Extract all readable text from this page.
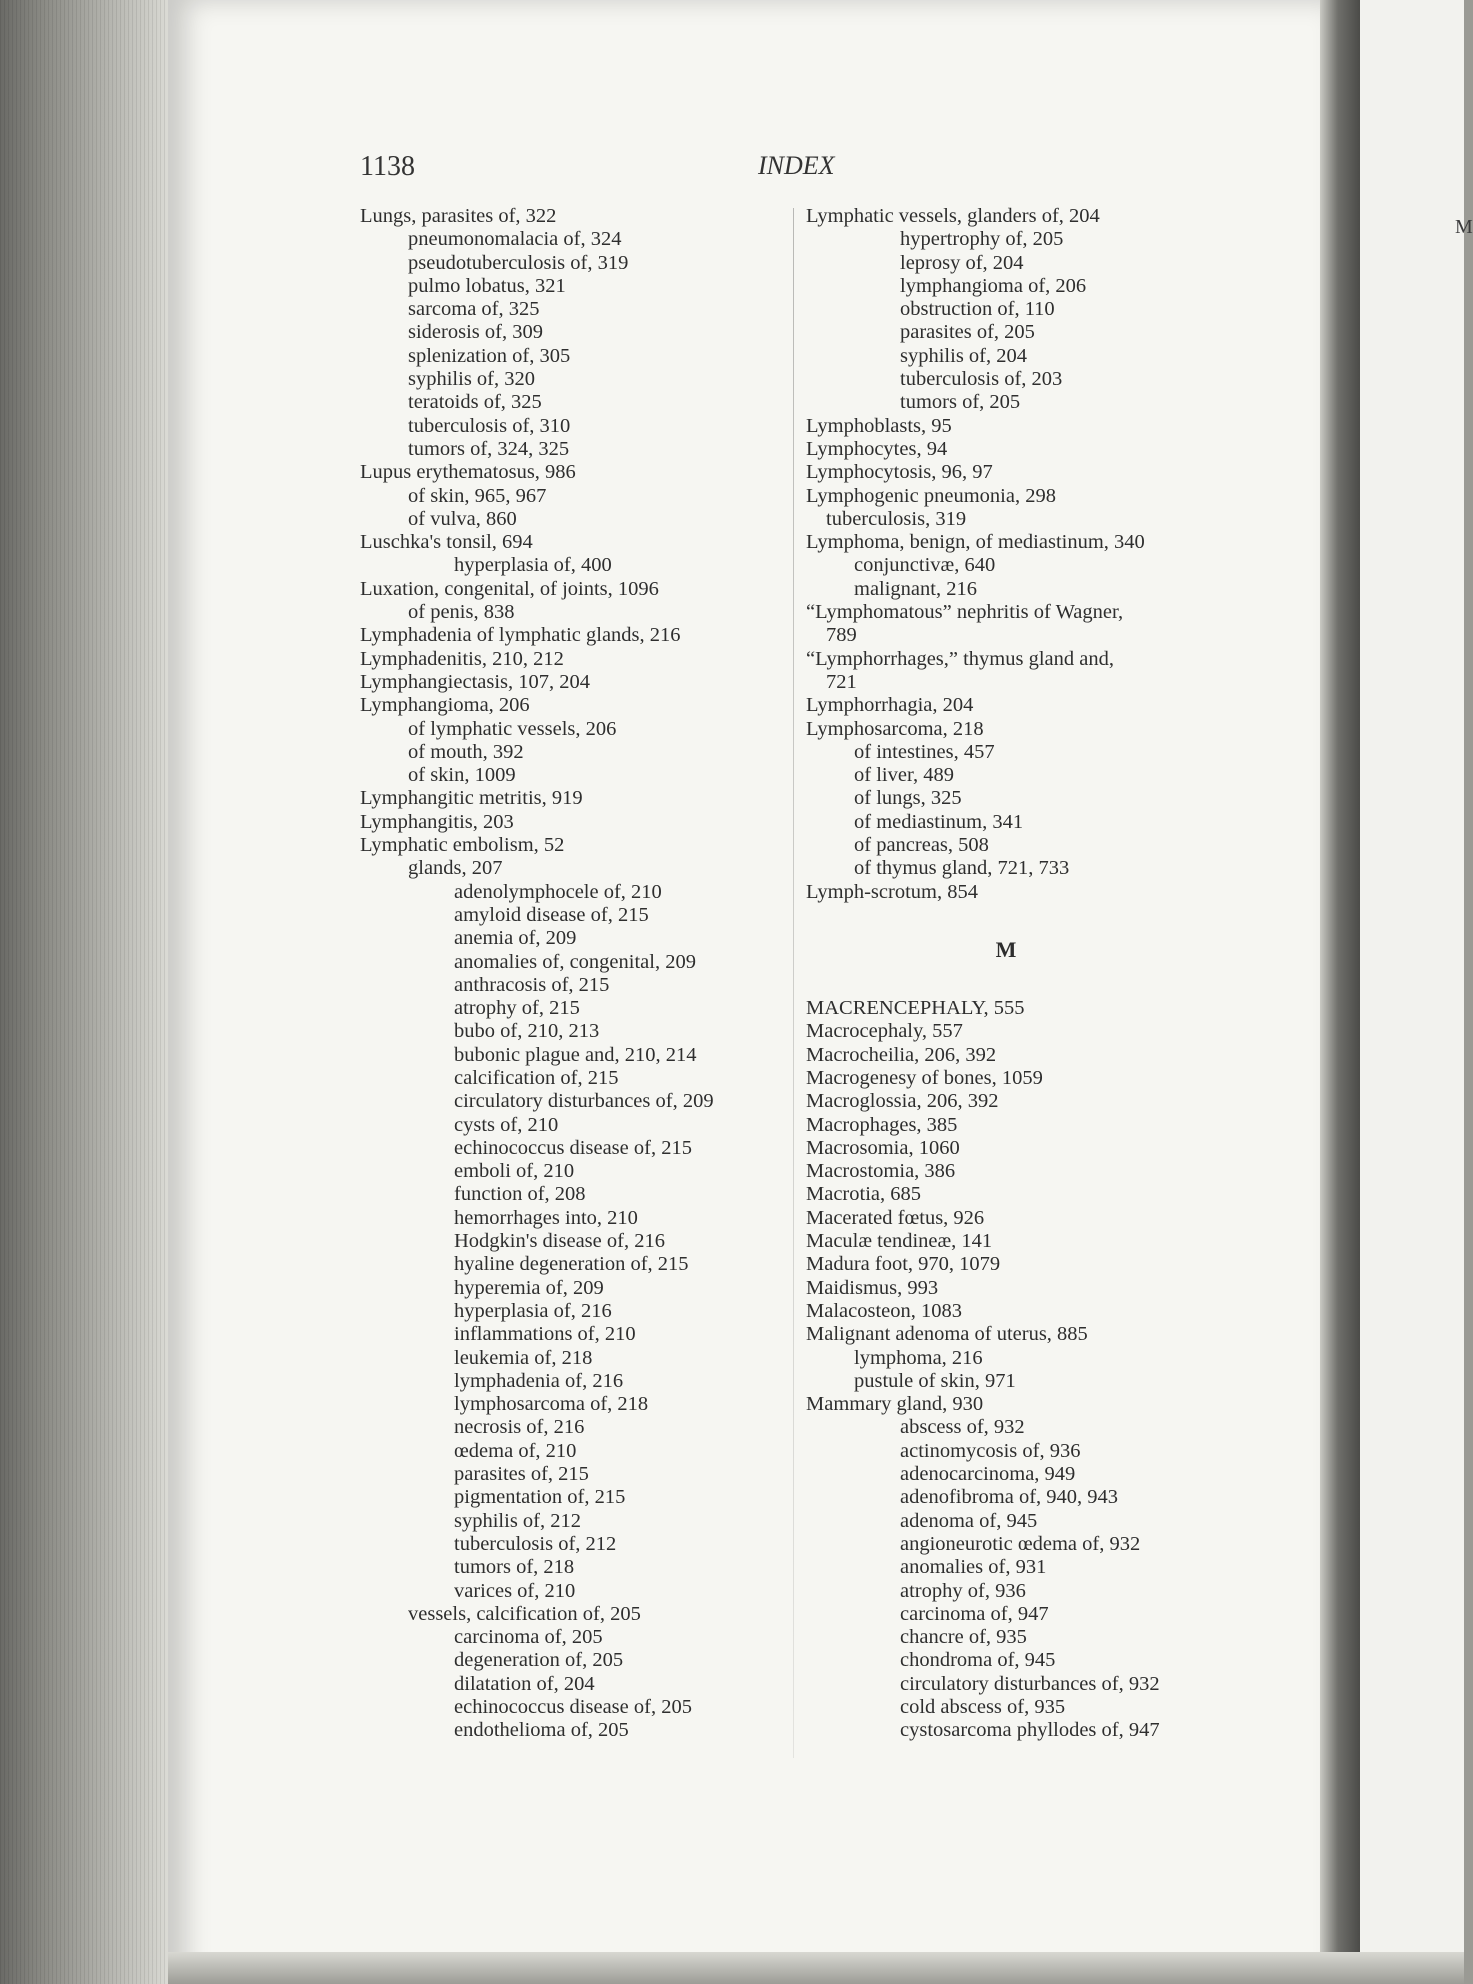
M
1138	INDEX
Lungs, parasites of, 322
pneumonomalacia of, 324
pseudotuberculosis of, 319
pulmo lobatus, 321
sarcoma of, 325
siderosis of, 309
splenization of, 305
syphilis of, 320
teratoids of, 325
tuberculosis of, 310
tumors of, 324, 325
Lupus erythematosus, 986
of skin, 965, 967
of vulva, 860
Luschka's tonsil, 694
hyperplasia of, 400
Luxation, congenital, of joints, 1096
of penis, 838
Lymphadenia of lymphatic glands, 216
Lymphadenitis, 210, 212
Lymphangiectasis, 107, 204
Lymphangioma, 206
of lymphatic vessels, 206
of mouth, 392
of skin, 1009
Lymphangitic metritis, 919
Lymphangitis, 203
Lymphatic embolism, 52
glands, 207
adenolymphocele of, 210
amyloid disease of, 215
anemia of, 209
anomalies of, congenital, 209
anthracosis of, 215
atrophy of, 215
bubo of, 210, 213
bubonic plague and, 210, 214
calcification of, 215
circulatory disturbances of, 209
cysts of, 210
echinococcus disease of, 215
emboli of, 210
function of, 208
hemorrhages into, 210
Hodgkin's disease of, 216
hyaline degeneration of, 215
hyperemia of, 209
hyperplasia of, 216
inflammations of, 210
leukemia of, 218
lymphadenia of, 216
lymphosarcoma of, 218
necrosis of, 216
œdema of, 210
parasites of, 215
pigmentation of, 215
syphilis of, 212
tuberculosis of, 212
tumors of, 218
varices of, 210
vessels, calcification of, 205
carcinoma of, 205
degeneration of, 205
dilatation of, 204
echinococcus disease of, 205
endothelioma of, 205
Lymphatic vessels, glanders of, 204
hypertrophy of, 205
leprosy of, 204
lymphangioma of, 206
obstruction of, 110
parasites of, 205
syphilis of, 204
tuberculosis of, 203
tumors of, 205
Lymphoblasts, 95
Lymphocytes, 94
Lymphocytosis, 96, 97
Lymphogenic pneumonia, 298
tuberculosis, 319
Lymphoma, benign, of mediastinum, 340
conjunctivæ, 640
malignant, 216
“Lymphomatous” nephritis of Wagner,
789
“Lymphorrhages,” thymus gland and,
721
Lymphorrhagia, 204
Lymphosarcoma, 218
of intestines, 457
of liver, 489
of lungs, 325
of mediastinum, 341
of pancreas, 508
of thymus gland, 721, 733
Lymph-scrotum, 854
M
MACRENCEPHALY, 555
Macrocephaly, 557
Macrocheilia, 206, 392
Macrogenesy of bones, 1059
Macroglossia, 206, 392
Macrophages, 385
Macrosomia, 1060
Macrostomia, 386
Macrotia, 685
Macerated fœtus, 926
Maculæ tendineæ, 141
Madura foot, 970, 1079
Maidismus, 993
Malacosteon, 1083
Malignant adenoma of uterus, 885
lymphoma, 216
pustule of skin, 971
Mammary gland, 930
abscess of, 932
actinomycosis of, 936
adenocarcinoma, 949
adenofibroma of, 940, 943
adenoma of, 945
angioneurotic œdema of, 932
anomalies of, 931
atrophy of, 936
carcinoma of, 947
chancre of, 935
chondroma of, 945
circulatory disturbances of, 932
cold abscess of, 935
cystosarcoma phyllodes of, 947
